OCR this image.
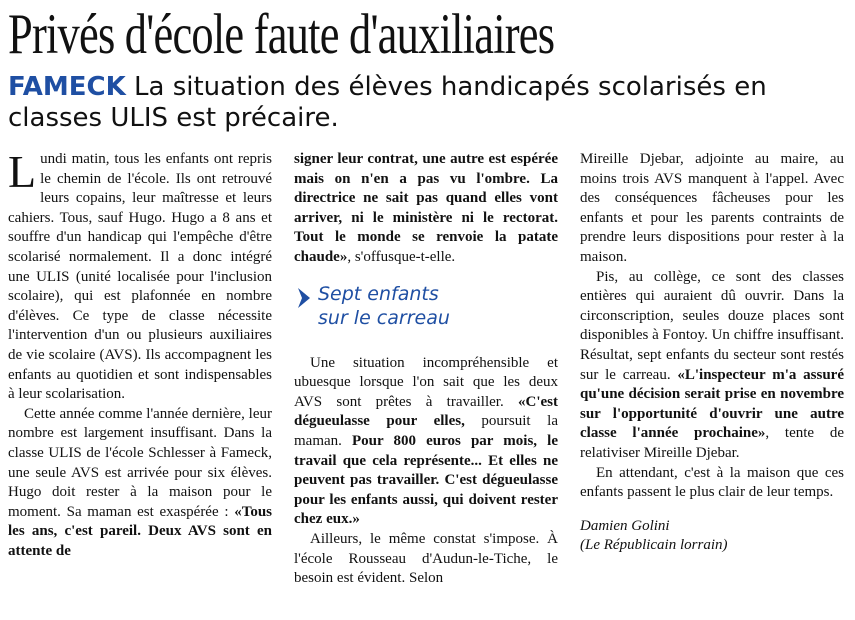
Privés d'école faute d'auxiliaires
FAMECK La situation des élèves handicapés scolarisés en classes ULIS est précaire.

Lundi matin, tous les enfants ont repris le chemin de l'école. Ils ont retrouvé leurs copains, leur maîtresse et leurs cahiers. Tous, sauf Hugo. Hugo a 8 ans et souffre d'un handicap qui l'empêche d'être scolarisé normalement. Il a donc intégré une ULIS (unité localisée pour l'inclusion scolaire), qui est plafonnée en nombre d'élèves. Ce type de classe nécessite l'intervention d'un ou plusieurs auxiliaires de vie scolaire (AVS). Ils accompagnent les enfants au quotidien et sont indispensables à leur scolarisation.

Cette année comme l'année dernière, leur nombre est largement insuffisant. Dans la classe ULIS de l'école Schlesser à Fameck, une seule AVS est arrivée pour six élèves. Hugo doit rester à la maison pour le moment. Sa maman est exaspérée : «Tous les ans, c'est pareil. Deux AVS sont en attente de

signer leur contrat, une autre est espérée mais on n'en a pas vu l'ombre. La directrice ne sait pas quand elles vont arriver, ni le ministère ni le rectorat. Tout le monde se renvoie la patate chaude», s'offusque-t-elle.

Sept enfants
sur le carreau

Une situation incompréhensible et ubuesque lorsque l'on sait que les deux AVS sont prêtes à travailler. «C'est dégueulasse pour elles, poursuit la maman. Pour 800 euros par mois, le travail que cela représente... Et elles ne peuvent pas travailler. C'est dégueulasse pour les enfants aussi, qui doivent rester chez eux.»

Ailleurs, le même constat s'impose. À l'école Rousseau d'Audun-le-Tiche, le besoin est évident. Selon

Mireille Djebar, adjointe au maire, au moins trois AVS manquent à l'appel. Avec des conséquences fâcheuses pour les enfants et pour les parents contraints de prendre leurs dispositions pour rester à la maison.

Pis, au collège, ce sont des classes entières qui auraient dû ouvrir. Dans la circonscription, seules douze places sont disponibles à Fontoy. Un chiffre insuffisant. Résultat, sept enfants du secteur sont restés sur le carreau. «L'inspecteur m'a assuré qu'une décision serait prise en novembre sur l'opportunité d'ouvrir une autre classe l'année prochaine», tente de relativiser Mireille Djebar.

En attendant, c'est à la maison que ces enfants passent le plus clair de leur temps.

Damien Golini
(Le Républicain lorrain)
